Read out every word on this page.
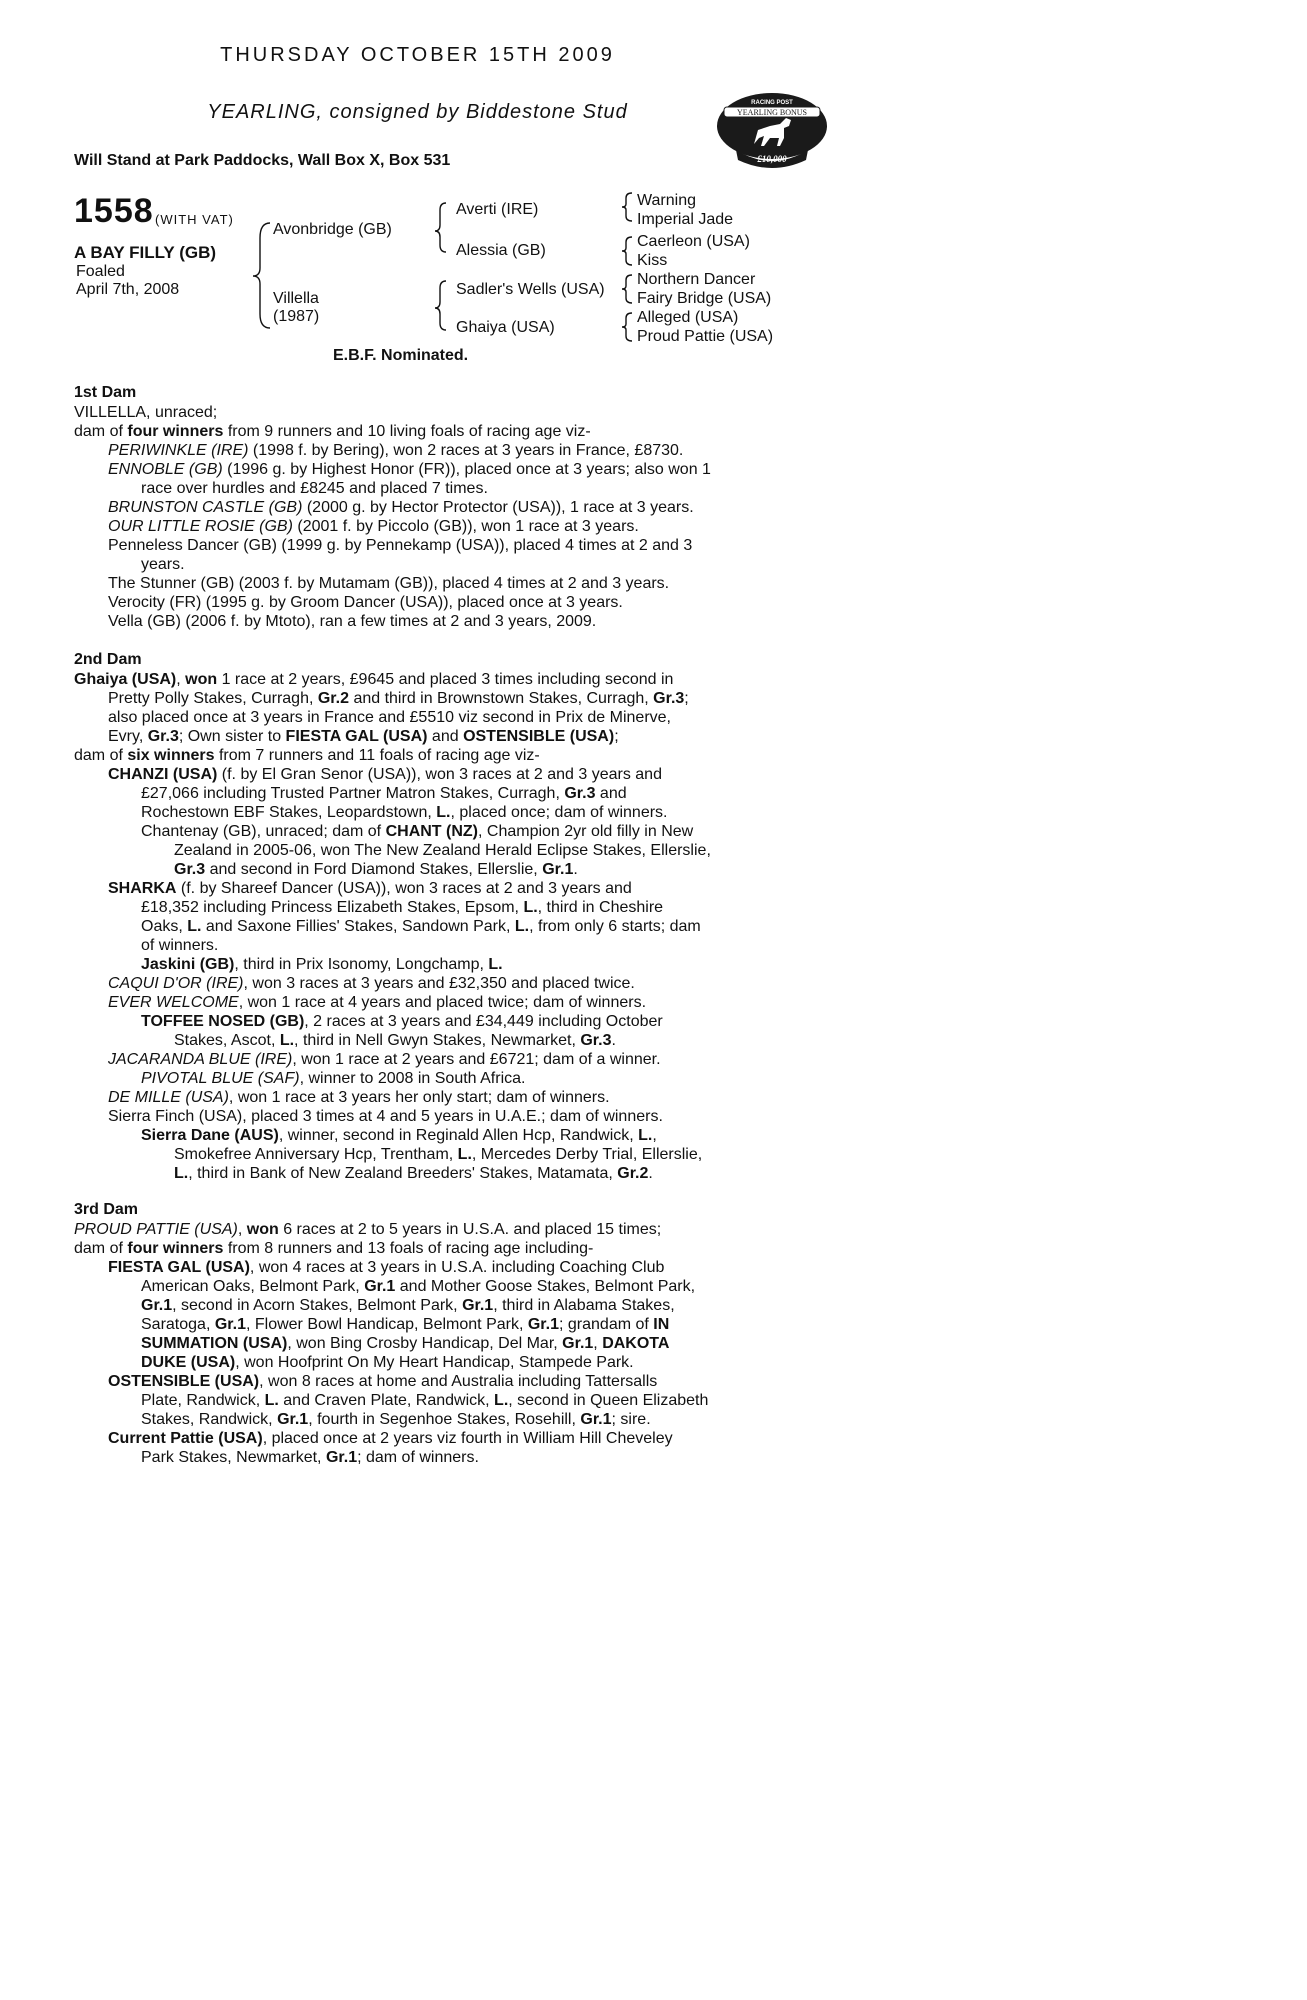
THURSDAY OCTOBER 15TH 2009
YEARLING, consigned by Biddestone Stud
Will Stand at Park Paddocks, Wall Box X, Box 531
RACING POST
YEARLING BONUS
£10,000
1558 (WITH VAT)
A BAY FILLY (GB)
Foaled
April 7th, 2008
Avonbridge (GB)
Villella
(1987)
Averti (IRE)
Alessia (GB)
Sadler's Wells (USA)
Ghaiya (USA)
Warning
Imperial Jade
Caerleon (USA)
Kiss
Northern Dancer
Fairy Bridge (USA)
Alleged (USA)
Proud Pattie (USA)
E.B.F. Nominated.
1st Dam
VILLELLA, unraced;
dam of four winners from 9 runners and 10 living foals of racing age viz-
PERIWINKLE (IRE) (1998 f. by Bering), won 2 races at 3 years in France, £8730.
ENNOBLE (GB) (1996 g. by Highest Honor (FR)), placed once at 3 years; also won 1
race over hurdles and £8245 and placed 7 times.
BRUNSTON CASTLE (GB) (2000 g. by Hector Protector (USA)), 1 race at 3 years.
OUR LITTLE ROSIE (GB) (2001 f. by Piccolo (GB)), won 1 race at 3 years.
Penneless Dancer (GB) (1999 g. by Pennekamp (USA)), placed 4 times at 2 and 3
years.
The Stunner (GB) (2003 f. by Mutamam (GB)), placed 4 times at 2 and 3 years.
Verocity (FR) (1995 g. by Groom Dancer (USA)), placed once at 3 years.
Vella (GB) (2006 f. by Mtoto), ran a few times at 2 and 3 years, 2009.
2nd Dam
Ghaiya (USA), won 1 race at 2 years, £9645 and placed 3 times including second in
Pretty Polly Stakes, Curragh, Gr.2 and third in Brownstown Stakes, Curragh, Gr.3;
also placed once at 3 years in France and £5510 viz second in Prix de Minerve,
Evry, Gr.3; Own sister to FIESTA GAL (USA) and OSTENSIBLE (USA);
dam of six winners from 7 runners and 11 foals of racing age viz-
CHANZI (USA) (f. by El Gran Senor (USA)), won 3 races at 2 and 3 years and
£27,066 including Trusted Partner Matron Stakes, Curragh, Gr.3 and
Rochestown EBF Stakes, Leopardstown, L., placed once; dam of winners.
Chantenay (GB), unraced; dam of CHANT (NZ), Champion 2yr old filly in New
Zealand in 2005-06, won The New Zealand Herald Eclipse Stakes, Ellerslie,
Gr.3 and second in Ford Diamond Stakes, Ellerslie, Gr.1.
SHARKA (f. by Shareef Dancer (USA)), won 3 races at 2 and 3 years and
£18,352 including Princess Elizabeth Stakes, Epsom, L., third in Cheshire
Oaks, L. and Saxone Fillies' Stakes, Sandown Park, L., from only 6 starts; dam
of winners.
Jaskini (GB), third in Prix Isonomy, Longchamp, L.
CAQUI D'OR (IRE), won 3 races at 3 years and £32,350 and placed twice.
EVER WELCOME, won 1 race at 4 years and placed twice; dam of winners.
TOFFEE NOSED (GB), 2 races at 3 years and £34,449 including October
Stakes, Ascot, L., third in Nell Gwyn Stakes, Newmarket, Gr.3.
JACARANDA BLUE (IRE), won 1 race at 2 years and £6721; dam of a winner.
PIVOTAL BLUE (SAF), winner to 2008 in South Africa.
DE MILLE (USA), won 1 race at 3 years her only start; dam of winners.
Sierra Finch (USA), placed 3 times at 4 and 5 years in U.A.E.; dam of winners.
Sierra Dane (AUS), winner, second in Reginald Allen Hcp, Randwick, L.,
Smokefree Anniversary Hcp, Trentham, L., Mercedes Derby Trial, Ellerslie,
L., third in Bank of New Zealand Breeders' Stakes, Matamata, Gr.2.
3rd Dam
PROUD PATTIE (USA), won 6 races at 2 to 5 years in U.S.A. and placed 15 times;
dam of four winners from 8 runners and 13 foals of racing age including-
FIESTA GAL (USA), won 4 races at 3 years in U.S.A. including Coaching Club
American Oaks, Belmont Park, Gr.1 and Mother Goose Stakes, Belmont Park,
Gr.1, second in Acorn Stakes, Belmont Park, Gr.1, third in Alabama Stakes,
Saratoga, Gr.1, Flower Bowl Handicap, Belmont Park, Gr.1; grandam of IN
SUMMATION (USA), won Bing Crosby Handicap, Del Mar, Gr.1, DAKOTA
DUKE (USA), won Hoofprint On My Heart Handicap, Stampede Park.
OSTENSIBLE (USA), won 8 races at home and Australia including Tattersalls
Plate, Randwick, L. and Craven Plate, Randwick, L., second in Queen Elizabeth
Stakes, Randwick, Gr.1, fourth in Segenhoe Stakes, Rosehill, Gr.1; sire.
Current Pattie (USA), placed once at 2 years viz fourth in William Hill Cheveley
Park Stakes, Newmarket, Gr.1; dam of winners.
